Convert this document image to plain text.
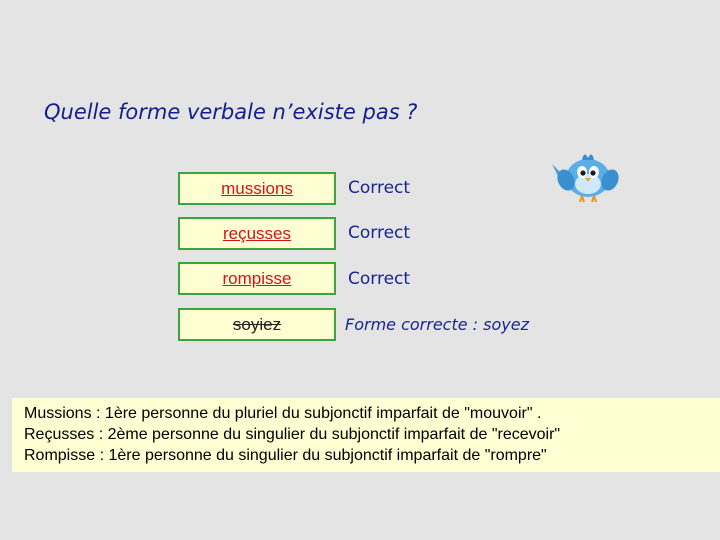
Quelle forme verbale n’existe pas ?
mussions	Correct
reçusses	Correct
rompisse	Correct
soyiez	Forme correcte : soyez
Mussions : 1ère personne du pluriel du subjonctif imparfait de "mouvoir" .
Reçusses : 2ème personne du singulier du subjonctif imparfait de "recevoir"
Rompisse : 1ère personne du singulier du subjonctif imparfait de "rompre"
